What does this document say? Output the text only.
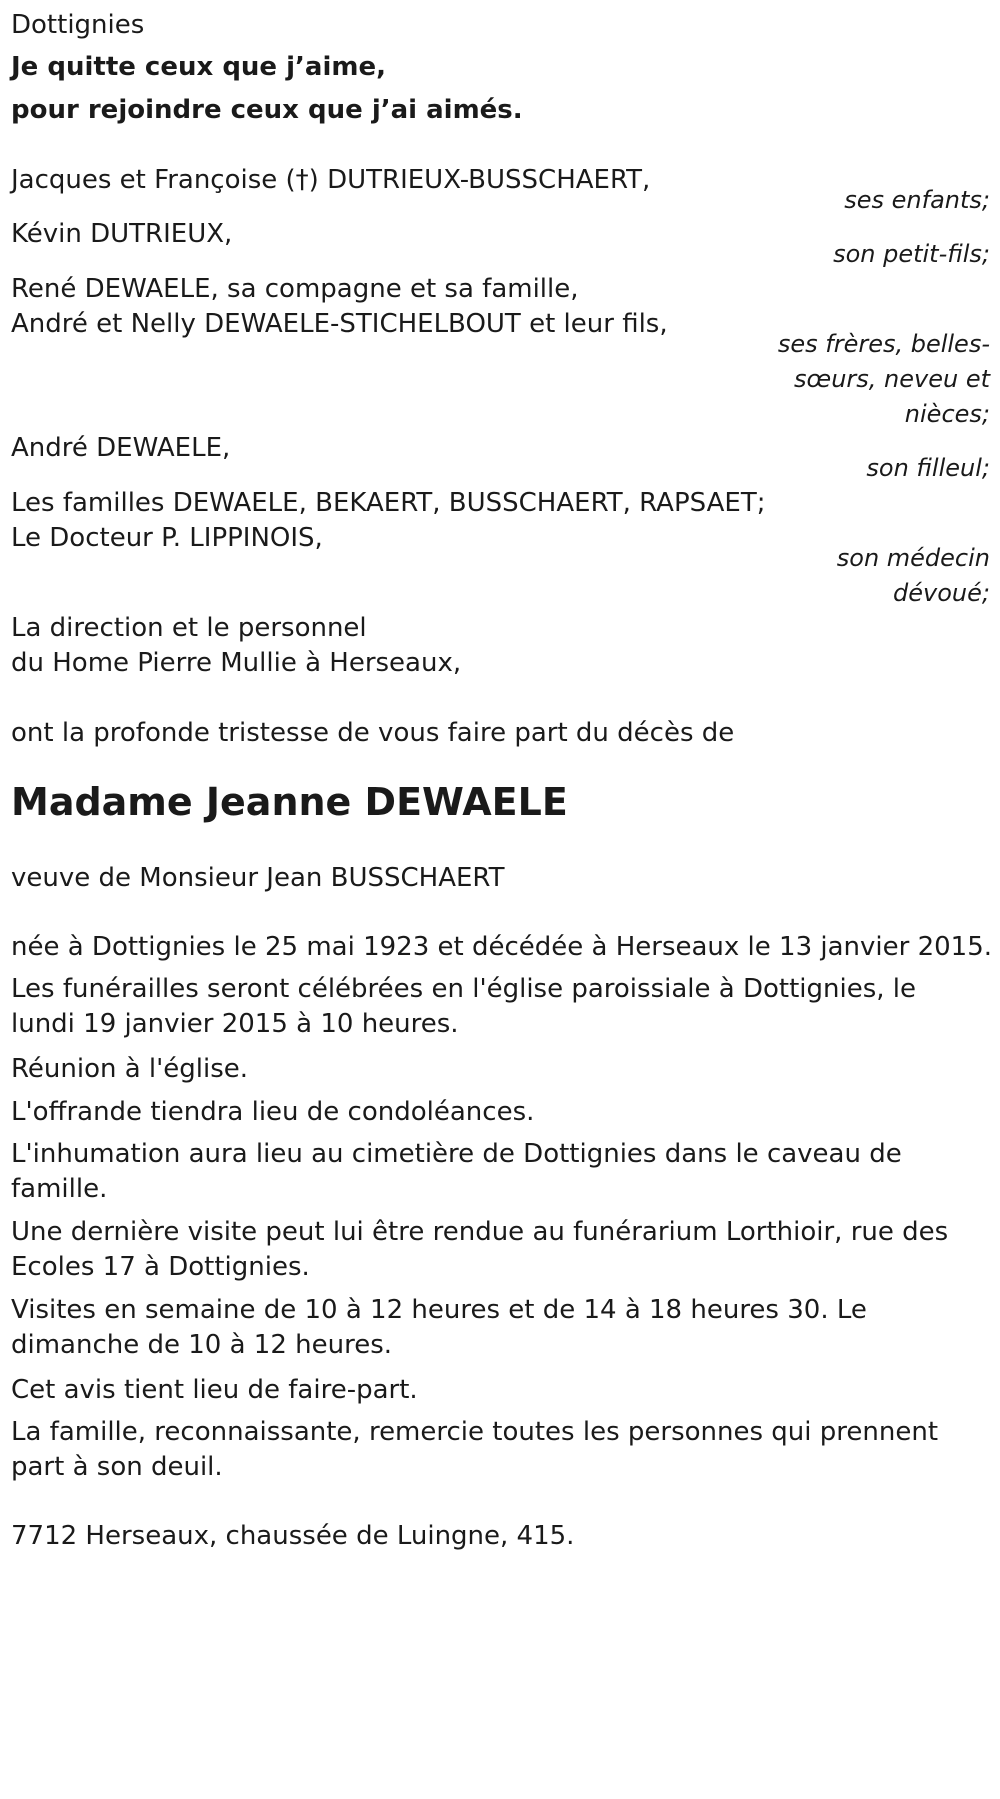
Dottignies

Je quitte ceux que j’aime,

pour rejoindre ceux que j’ai aimés.

Jacques et Françoise (†) DUTRIEUX-BUSSCHAERT,

ses enfants;

Kévin DUTRIEUX,

son petit-fils;

René DEWAELE, sa compagne et sa famille,

André et Nelly DEWAELE-STICHELBOUT et leur fils,

ses frères, belles-

sœurs, neveu et

nièces;

André DEWAELE,

son filleul;

Les familles DEWAELE, BEKAERT, BUSSCHAERT, RAPSAET;

Le Docteur P. LIPPINOIS,

son médecin

dévoué;

La direction et le personnel

du Home Pierre Mullie à Herseaux,

ont la profonde tristesse de vous faire part du décès de

Madame Jeanne DEWAELE

veuve de Monsieur Jean BUSSCHAERT

née à Dottignies le 25 mai 1923 et décédée à Herseaux le 13 janvier 2015.

Les funérailles seront célébrées en l'église paroissiale à Dottignies, le lundi 19 janvier 2015 à 10 heures.

Réunion à l'église.

L'offrande tiendra lieu de condoléances.

L'inhumation aura lieu au cimetière de Dottignies dans le caveau de famille.

Une dernière visite peut lui être rendue au funérarium Lorthioir, rue des Ecoles 17 à Dottignies.

Visites en semaine de 10 à 12 heures et de 14 à 18 heures 30. Le dimanche de 10 à 12 heures.

Cet avis tient lieu de faire-part.

La famille, reconnaissante, remercie toutes les personnes qui prennent part à son deuil.

7712 Herseaux, chaussée de Luingne, 415.
